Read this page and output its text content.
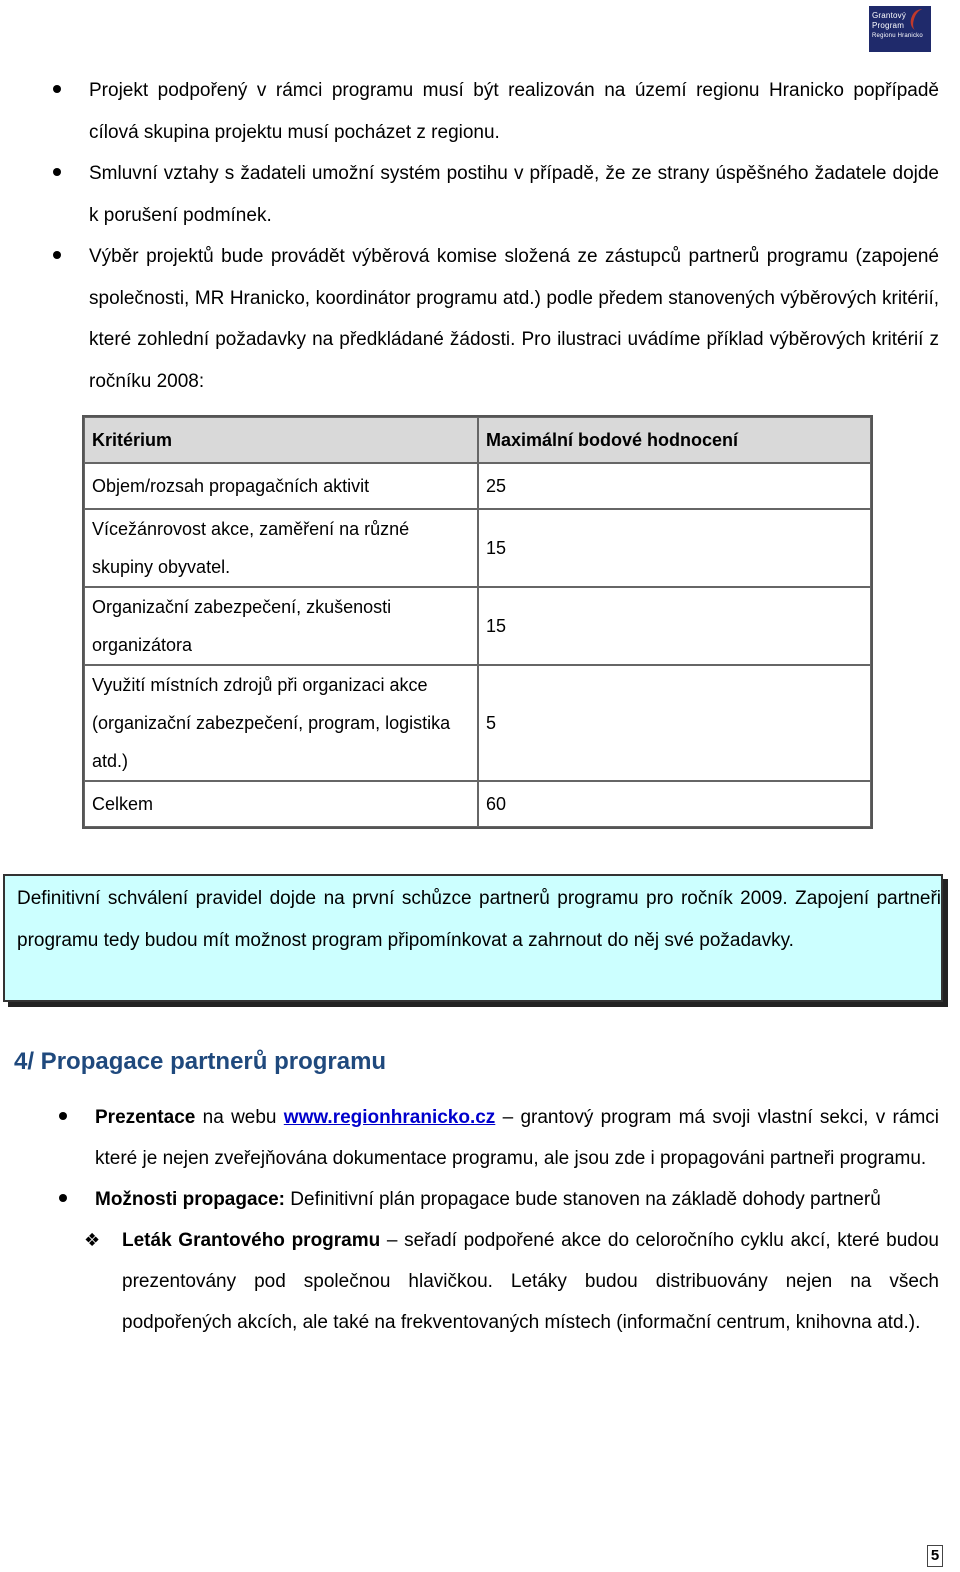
Grantový
Program
Regionu Hranicko
Projekt podpořený v rámci programu musí být realizován na území regionu Hranicko popřípadě cílová skupina projektu musí pocházet z regionu.
Smluvní vztahy s žadateli umožní systém postihu v případě, že ze strany úspěšného žadatele dojde k porušení podmínek.
Výběr projektů bude provádět výběrová komise složená ze zástupců partnerů programu (zapojené společnosti, MR Hranicko, koordinátor programu atd.) podle předem stanovených výběrových kritérií, které zohlední požadavky na předkládané žádosti. Pro ilustraci uvádíme příklad výběrových kritérií z ročníku 2008:
Kritérium	Maximální bodové hodnocení
Objem/rozsah propagačních aktivit	25
Vícežánrovost akce, zaměření na různé skupiny obyvatel.	15
Organizační zabezpečení, zkušenosti organizátora	15
Využití místních zdrojů při organizaci akce (organizační zabezpečení, program, logistika atd.)	5
Celkem	60

Definitivní schválení pravidel dojde na první schůzce partnerů programu pro ročník 2009. Zapojení partneři programu tedy budou mít možnost program připomínkovat a zahrnout do něj své požadavky.

4/ Propagace partnerů programu
Prezentace na webu www.regionhranicko.cz – grantový program má svoji vlastní sekci, v rámci které je nejen zveřejňována dokumentace programu, ale jsou zde i propagováni partneři programu.
Možnosti propagace: Definitivní plán propagace bude stanoven na základě dohody partnerů
❖ Leták Grantového programu – seřadí podpořené akce do celoročního cyklu akcí, které budou prezentovány pod společnou hlavičkou. Letáky budou distribuovány nejen na všech podpořených akcích, ale také na frekventovaných místech (informační centrum, knihovna atd.).
5
